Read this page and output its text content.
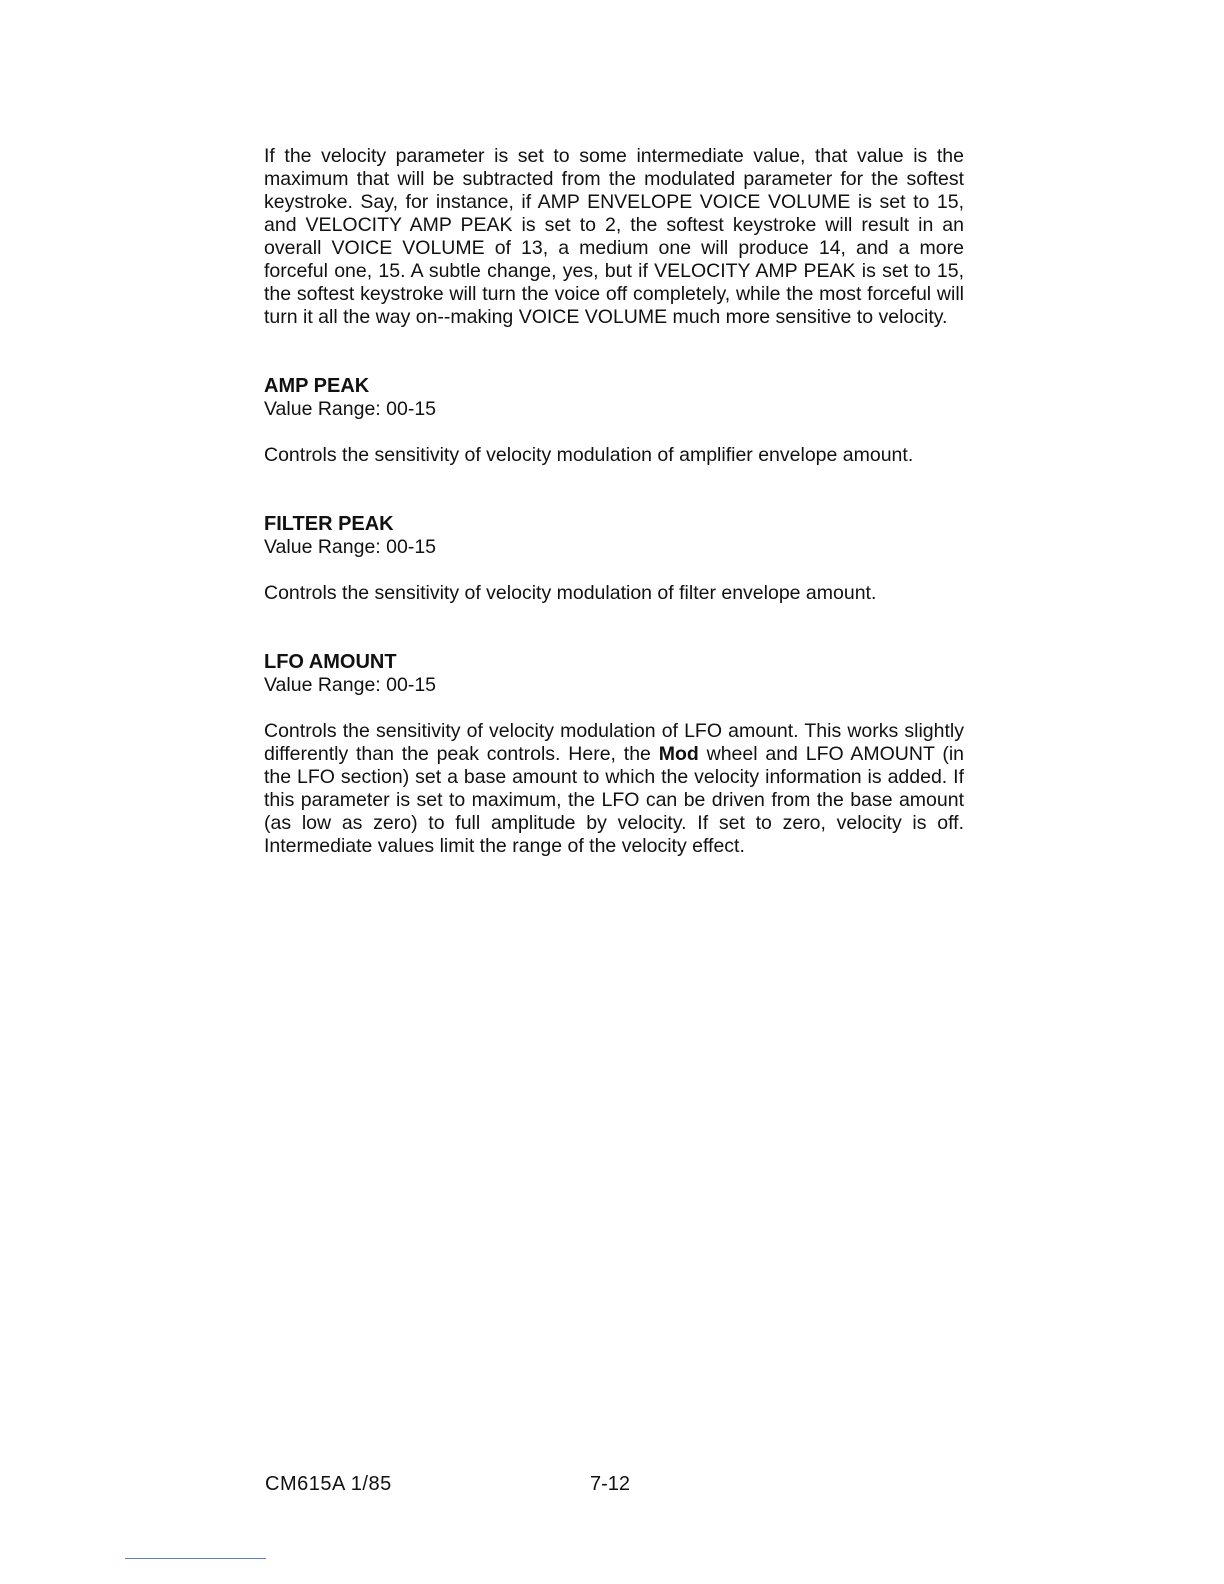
If the velocity parameter is set to some intermediate value, that value is the maximum that will be subtracted from the modulated parameter for the softest keystroke. Say, for instance, if AMP ENVELOPE VOICE VOLUME is set to 15, and VELOCITY AMP PEAK is set to 2, the softest keystroke will result in an overall VOICE VOLUME of 13, a medium one will produce 14, and a more forceful one, 15. A subtle change, yes, but if VELOCITY AMP PEAK is set to 15, the softest keystroke will turn the voice off completely, while the most forceful will turn it all the way on--making VOICE VOLUME much more sensitive to velocity.

AMP PEAK
Value Range: 00-15

Controls the sensitivity of velocity modulation of amplifier envelope amount.

FILTER PEAK
Value Range: 00-15

Controls the sensitivity of velocity modulation of filter envelope amount.

LFO AMOUNT
Value Range: 00-15

Controls the sensitivity of velocity modulation of LFO amount. This works slightly differently than the peak controls. Here, the Mod wheel and LFO AMOUNT (in the LFO section) set a base amount to which the velocity information is added. If this parameter is set to maximum, the LFO can be driven from the base amount (as low as zero) to full amplitude by velocity. If set to zero, velocity is off. Intermediate values limit the range of the velocity effect.

CM615A 1/85	7-12
